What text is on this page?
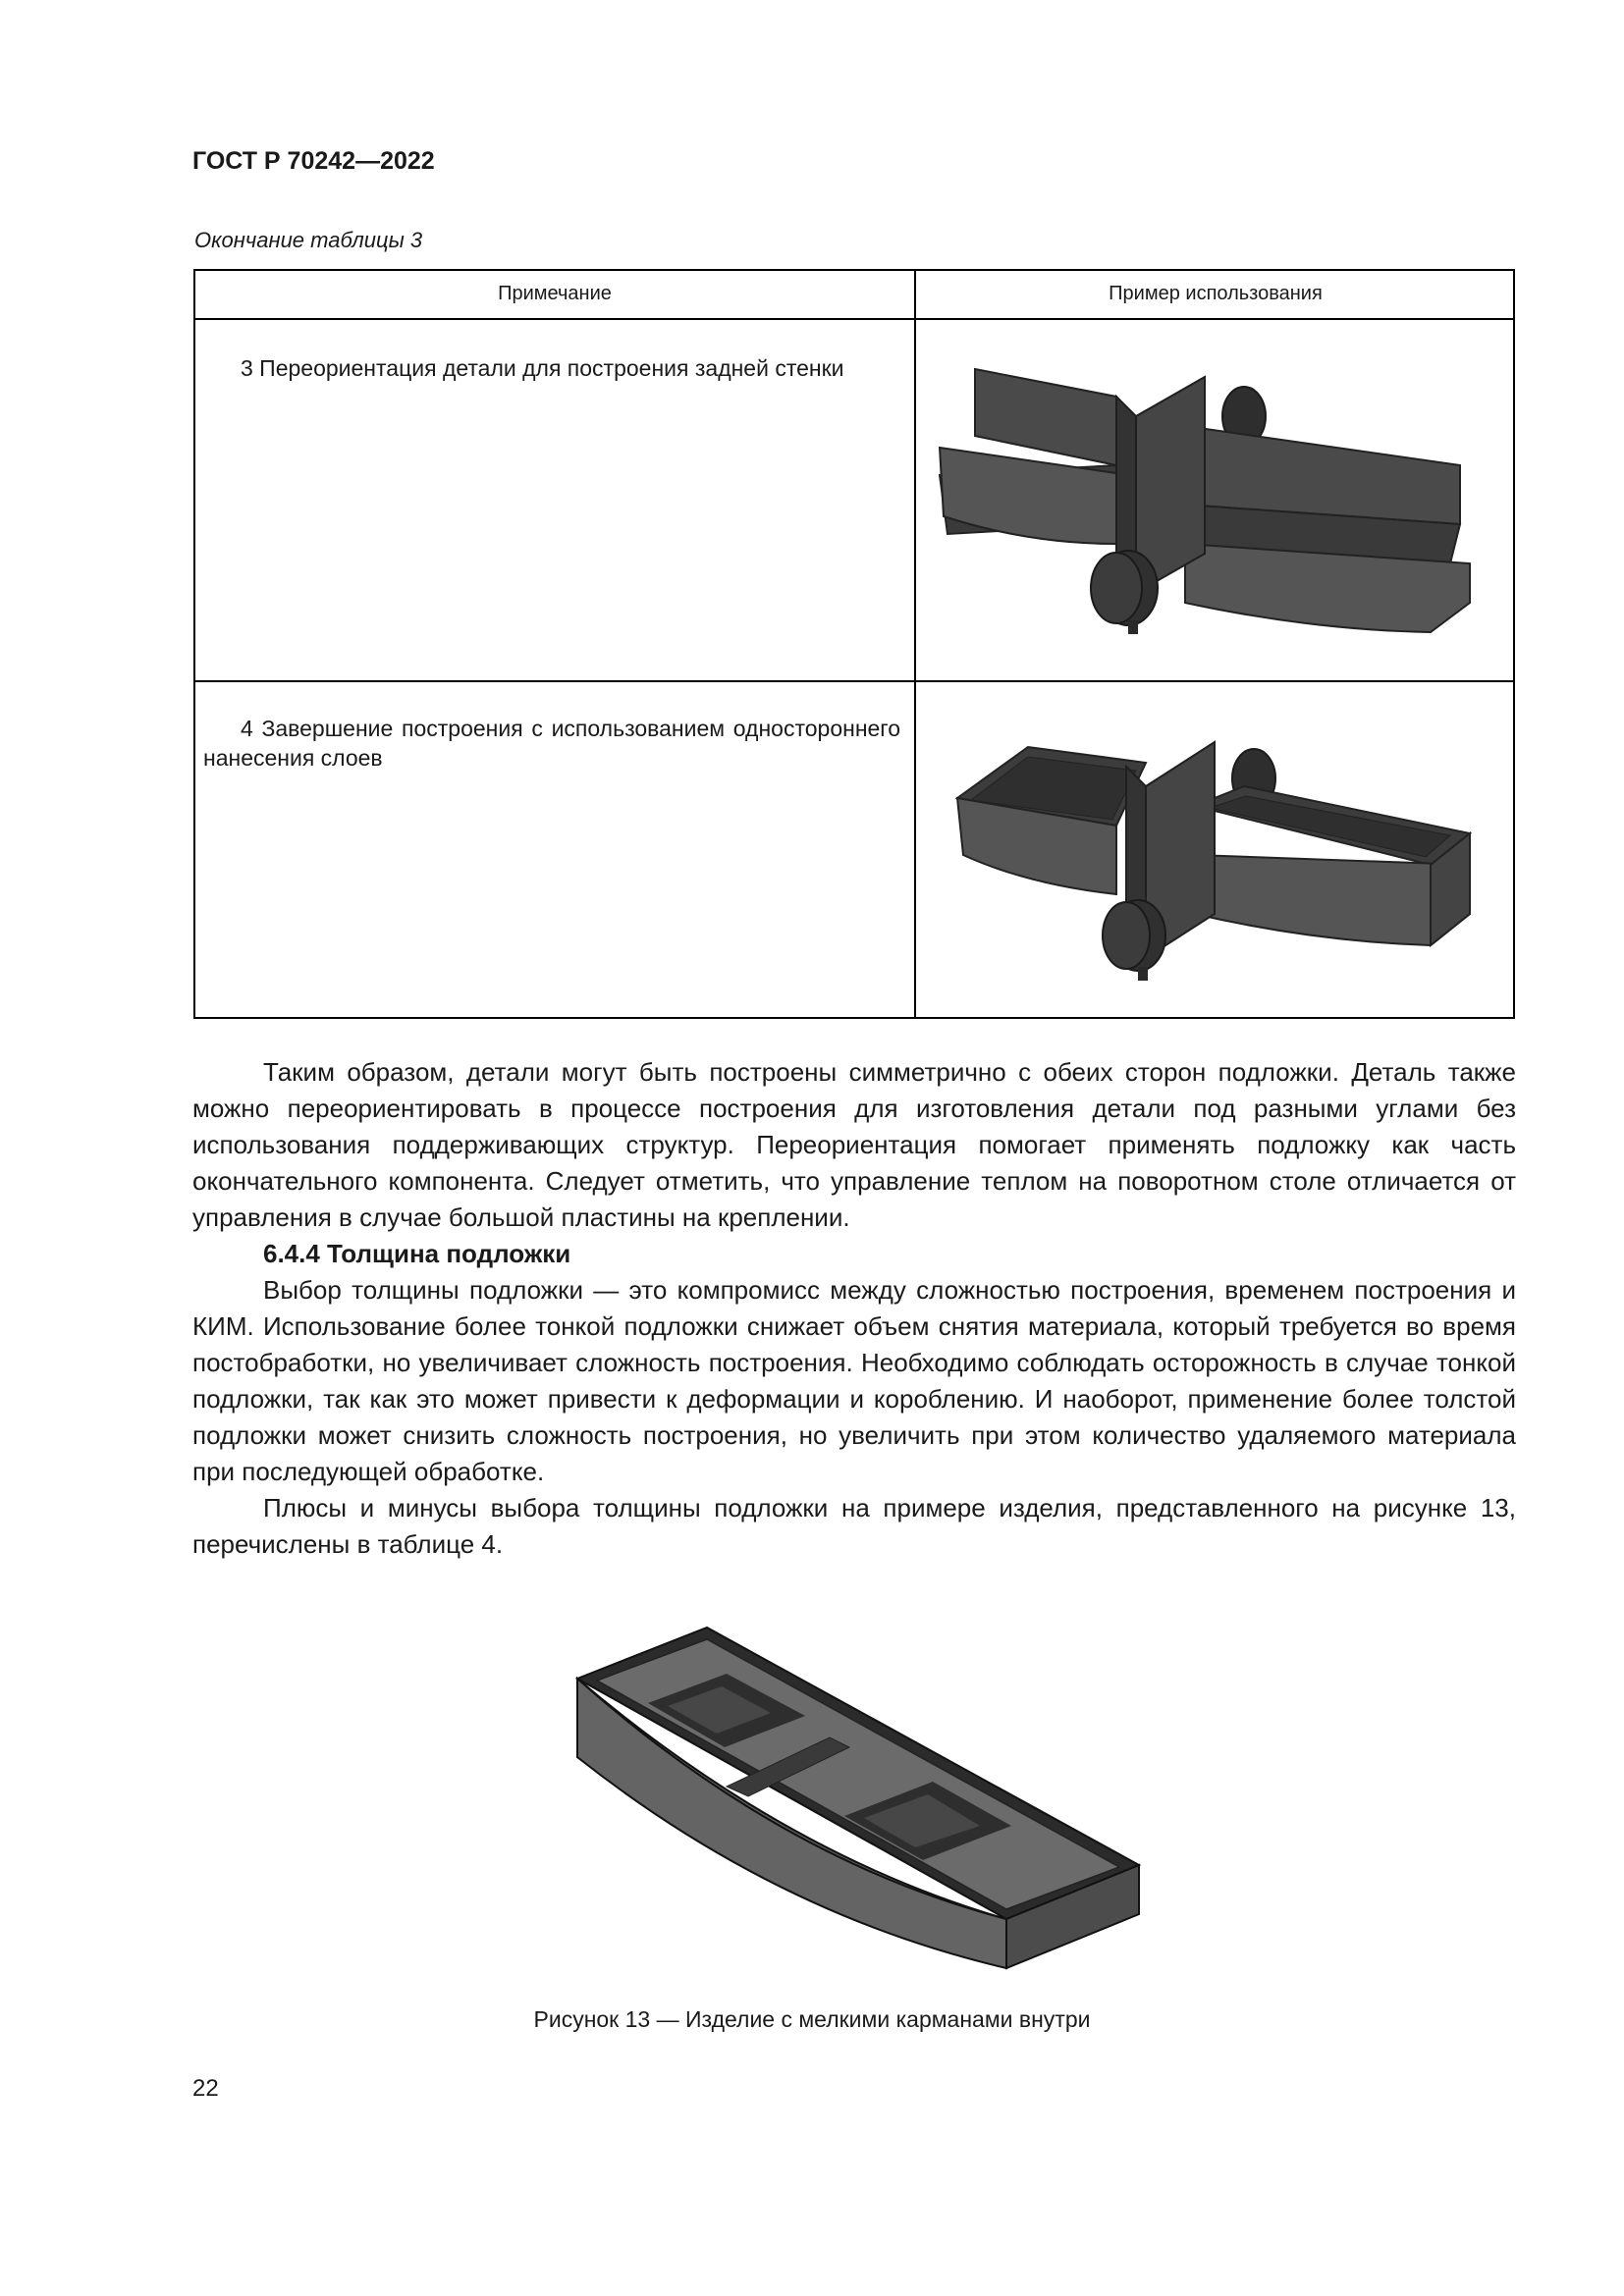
ГОСТ Р 70242—2022
Окончание таблицы 3
Примечание	Пример использования
3 Переориентация детали для построения задней стенки
4 Завершение построения с использованием одностороннего нанесения слоев

Таким образом, детали могут быть построены симметрично с обеих сторон подложки. Деталь также можно переориентировать в процессе построения для изготовления детали под разными углами без использования поддерживающих структур. Переориентация помогает применять подложку как часть окончательного компонента. Следует отметить, что управление теплом на поворотном столе отличается от управления в случае большой пластины на креплении.

6.4.4 Толщина подложки

Выбор толщины подложки — это компромисс между сложностью построения, временем построения и КИМ. Использование более тонкой подложки снижает объем снятия материала, который требуется во время постобработки, но увеличивает сложность построения. Необходимо соблюдать осторожность в случае тонкой подложки, так как это может привести к деформации и короблению. И наоборот, применение более толстой подложки может снизить сложность построения, но увеличить при этом количество удаляемого материала при последующей обработке.

Плюсы и минусы выбора толщины подложки на примере изделия, представленного на рисунке 13, перечислены в таблице 4.

Рисунок 13 — Изделие с мелкими карманами внутри
22
